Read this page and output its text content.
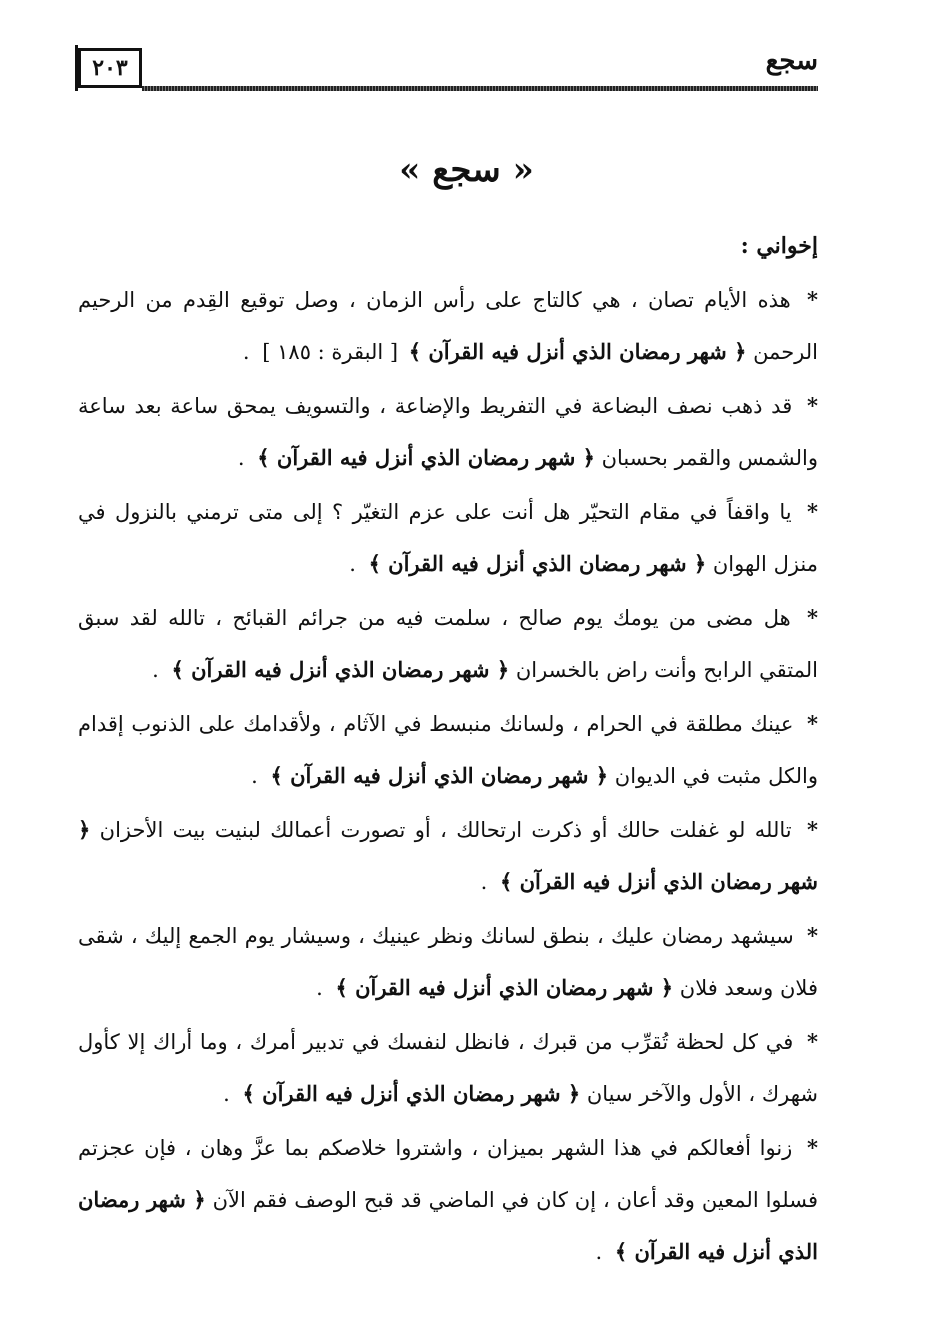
٢٠٣	سجع
« سجع »

إخواني :

* هذه الأيام تصان ، هي كالتاج على رأس الزمان ، وصل توقيع القِدم من الرحيم الرحمن ﴿ شهر رمضان الذي أنزل فيه القرآن ﴾ [ البقرة : ١٨٥ ] .

* قد ذهب نصف البضاعة في التفريط والإضاعة ، والتسويف يمحق ساعة بعد ساعة والشمس والقمر بحسبان ﴿ شهر رمضان الذي أنزل فيه القرآن ﴾ .

* يا واقفاً في مقام التحيّر هل أنت على عزم التغيّر ؟ إلى متى ترمني بالنزول في منزل الهوان ﴿ شهر رمضان الذي أنزل فيه القرآن ﴾ .

* هل مضى من يومك يوم صالح ، سلمت فيه من جرائم القبائح ، تالله لقد سبق المتقي الرابح وأنت راض بالخسران ﴿ شهر رمضان الذي أنزل فيه القرآن ﴾ .

* عينك مطلقة في الحرام ، ولسانك منبسط في الآثام ، ولأقدامك على الذنوب إقدام والكل مثبت في الديوان ﴿ شهر رمضان الذي أنزل فيه القرآن ﴾ .

* تالله لو غفلت حالك أو ذكرت ارتحالك ، أو تصورت أعمالك لبنيت بيت الأحزان ﴿ شهر رمضان الذي أنزل فيه القرآن ﴾ .

* سيشهد رمضان عليك ، بنطق لسانك ونظر عينيك ، وسيشار يوم الجمع إليك ، شقى فلان وسعد فلان ﴿ شهر رمضان الذي أنزل فيه القرآن ﴾ .

* في كل لحظة تُقرِّب من قبرك ، فانظل لنفسك في تدبير أمرك ، وما أراك إلا كأول شهرك ، الأول والآخر سيان ﴿ شهر رمضان الذي أنزل فيه القرآن ﴾ .

* زنوا أفعالكم في هذا الشهر بميزان ، واشتروا خلاصكم بما عزَّ وهان ، فإن عجزتم فسلوا المعين وقد أعان ، إن كان في الماضي قد قبح الوصف فقم الآن ﴿ شهر رمضان الذي أنزل فيه القرآن ﴾ .
